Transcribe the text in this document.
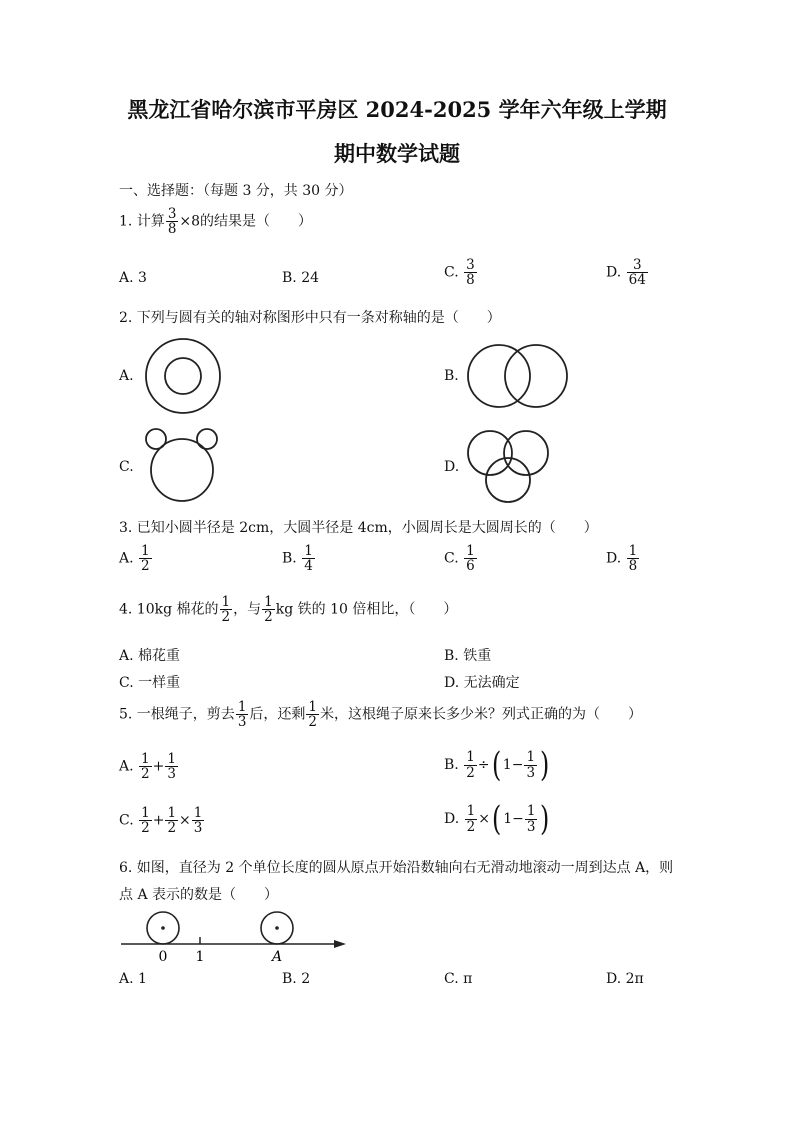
黑龙江省哈尔滨市平房区 2024-2025 学年六年级上学期
期中数学试题
一、选择题：（每题 3 分，共 30 分）
1. 计算 $\frac{3}{8} \times 8$的结果是（　　）
A. 3	B. 24	C. $\frac{3}{8}$	D. $\frac{3}{64}$
2. 下列与圆有关的轴对称图形中只有一条对称轴的是（　　）
A.	B.
C.	D.
3. 已知小圆半径是 2cm，大圆半径是 4cm，小圆周长是大圆周长的（　　）
A. $\frac{1}{2}$	B. $\frac{1}{4}$	C. $\frac{1}{6}$	D. $\frac{1}{8}$
4. 10kg 棉花的 $\frac{1}{2}$ ，与 $\frac{1}{2}$ kg 铁的 10 倍相比，（　　）
A. 棉花重	B. 铁重
C. 一样重	D. 无法确定
5. 一根绳子，剪去 $\frac{1}{3}$ 后，还剩 $\frac{1}{2}$ 米，这根绳子原来长多少米？列式正确的为（　　）
A. $\frac{1}{2} + \frac{1}{3}$	B. $\frac{1}{2}$ ÷( $1- \frac{1}{3}$ )
C. $\frac{1}{2} + \frac{1}{2} \times \frac{1}{3}$	D. $\frac{1}{2}$ ×( $1- \frac{1}{3}$ )
6. 如图，直径为 2 个单位长度的圆从原点开始沿数轴向右无滑动地滚动一周到达点 A，则
点 A 表示的数是（　　）
0 1	A
A. 1	B. 2	C. π	D. 2π
